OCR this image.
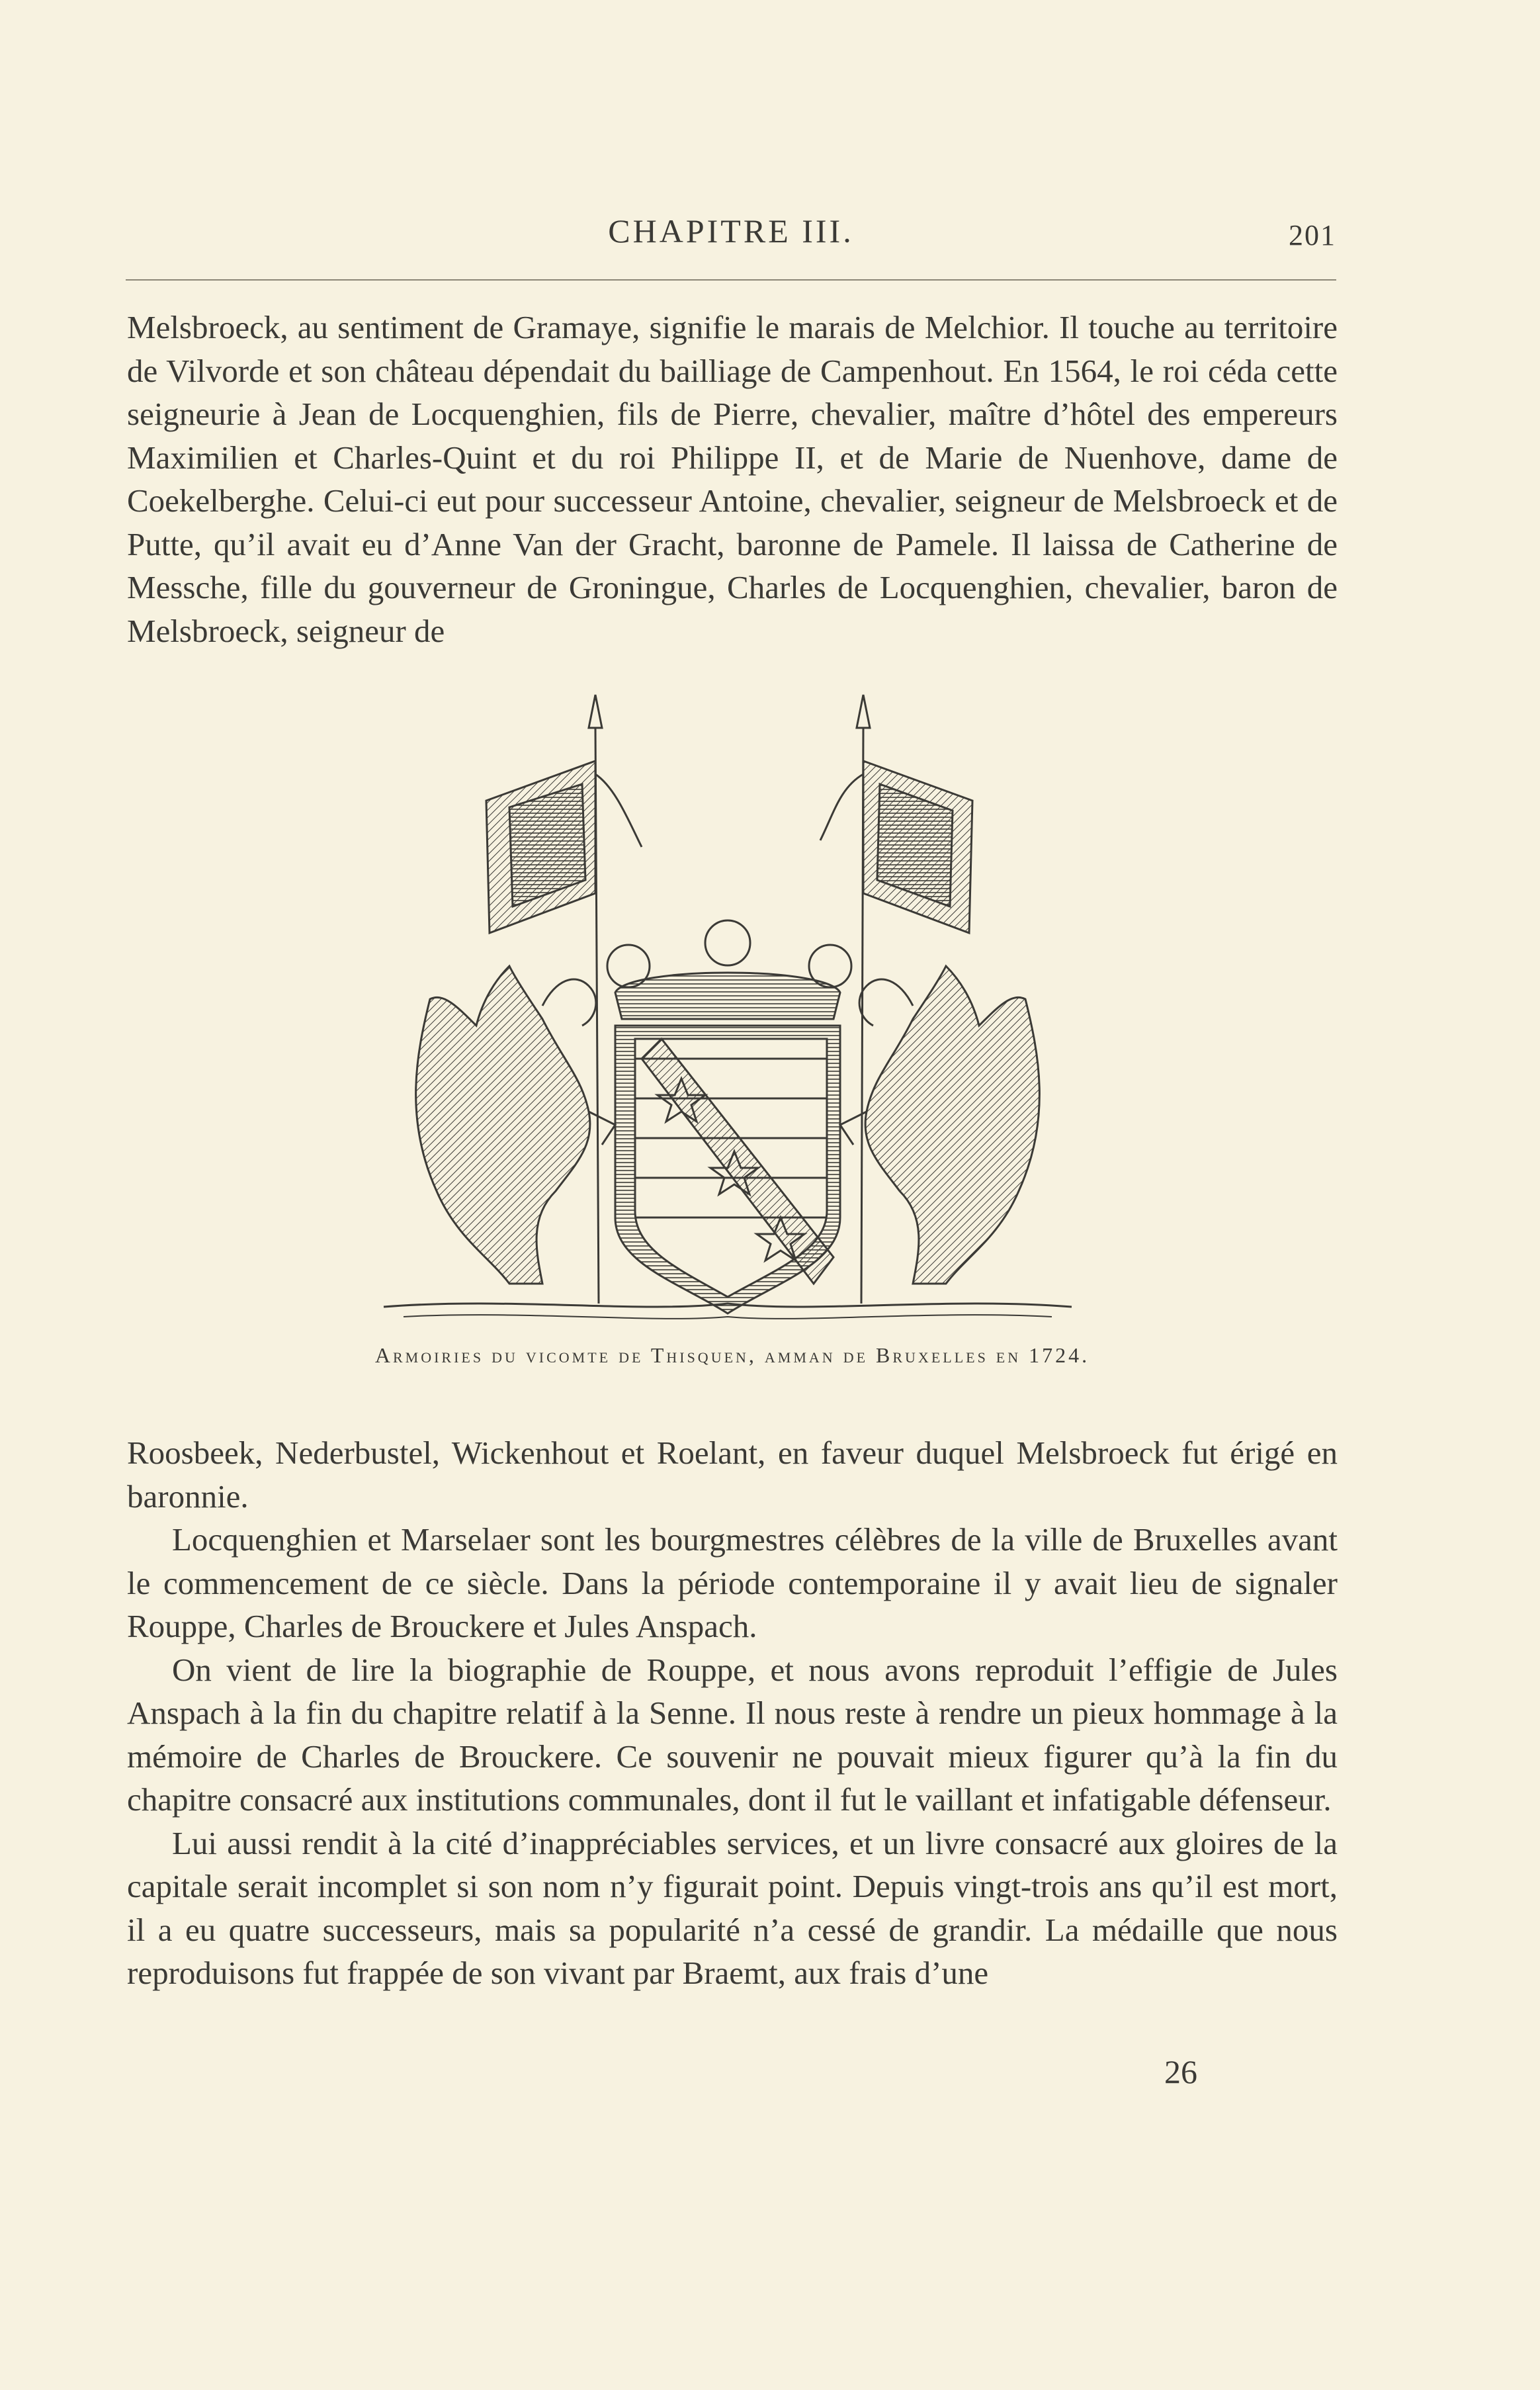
CHAPITRE III.	201

Melsbroeck, au sentiment de Gramaye, signifie le marais de Melchior. Il touche au territoire de Vilvorde et son château dépendait du bailliage de Campenhout. En 1564, le roi céda cette seigneurie à Jean de Locquenghien, fils de Pierre, chevalier, maître d’hôtel des empereurs Maximilien et Charles-Quint et du roi Philippe II, et de Marie de Nuenhove, dame de Coekelberghe. Celui-ci eut pour successeur Antoine, chevalier, seigneur de Melsbroeck et de Putte, qu’il avait eu d’Anne Van der Gracht, baronne de Pamele. Il laissa de Catherine de Messche, fille du gouverneur de Groningue, Charles de Locquenghien, chevalier, baron de Melsbroeck, seigneur de

Armoiries du vicomte de Thisquen, amman de Bruxelles en 1724.

Roosbeek, Nederbustel, Wickenhout et Roelant, en faveur duquel Melsbroeck fut érigé en baronnie.

Locquenghien et Marselaer sont les bourgmestres célèbres de la ville de Bruxelles avant le commencement de ce siècle. Dans la période contemporaine il y avait lieu de signaler Rouppe, Charles de Brouckere et Jules Anspach.

On vient de lire la biographie de Rouppe, et nous avons reproduit l’effigie de Jules Anspach à la fin du chapitre relatif à la Senne. Il nous reste à rendre un pieux hommage à la mémoire de Charles de Brouckere. Ce souvenir ne pouvait mieux figurer qu’à la fin du chapitre consacré aux institutions communales, dont il fut le vaillant et infatigable défenseur.

Lui aussi rendit à la cité d’inappréciables services, et un livre consacré aux gloires de la capitale serait incomplet si son nom n’y figurait point. Depuis vingt-trois ans qu’il est mort, il a eu quatre successeurs, mais sa popularité n’a cessé de grandir. La médaille que nous reproduisons fut frappée de son vivant par Braemt, aux frais d’une

26
